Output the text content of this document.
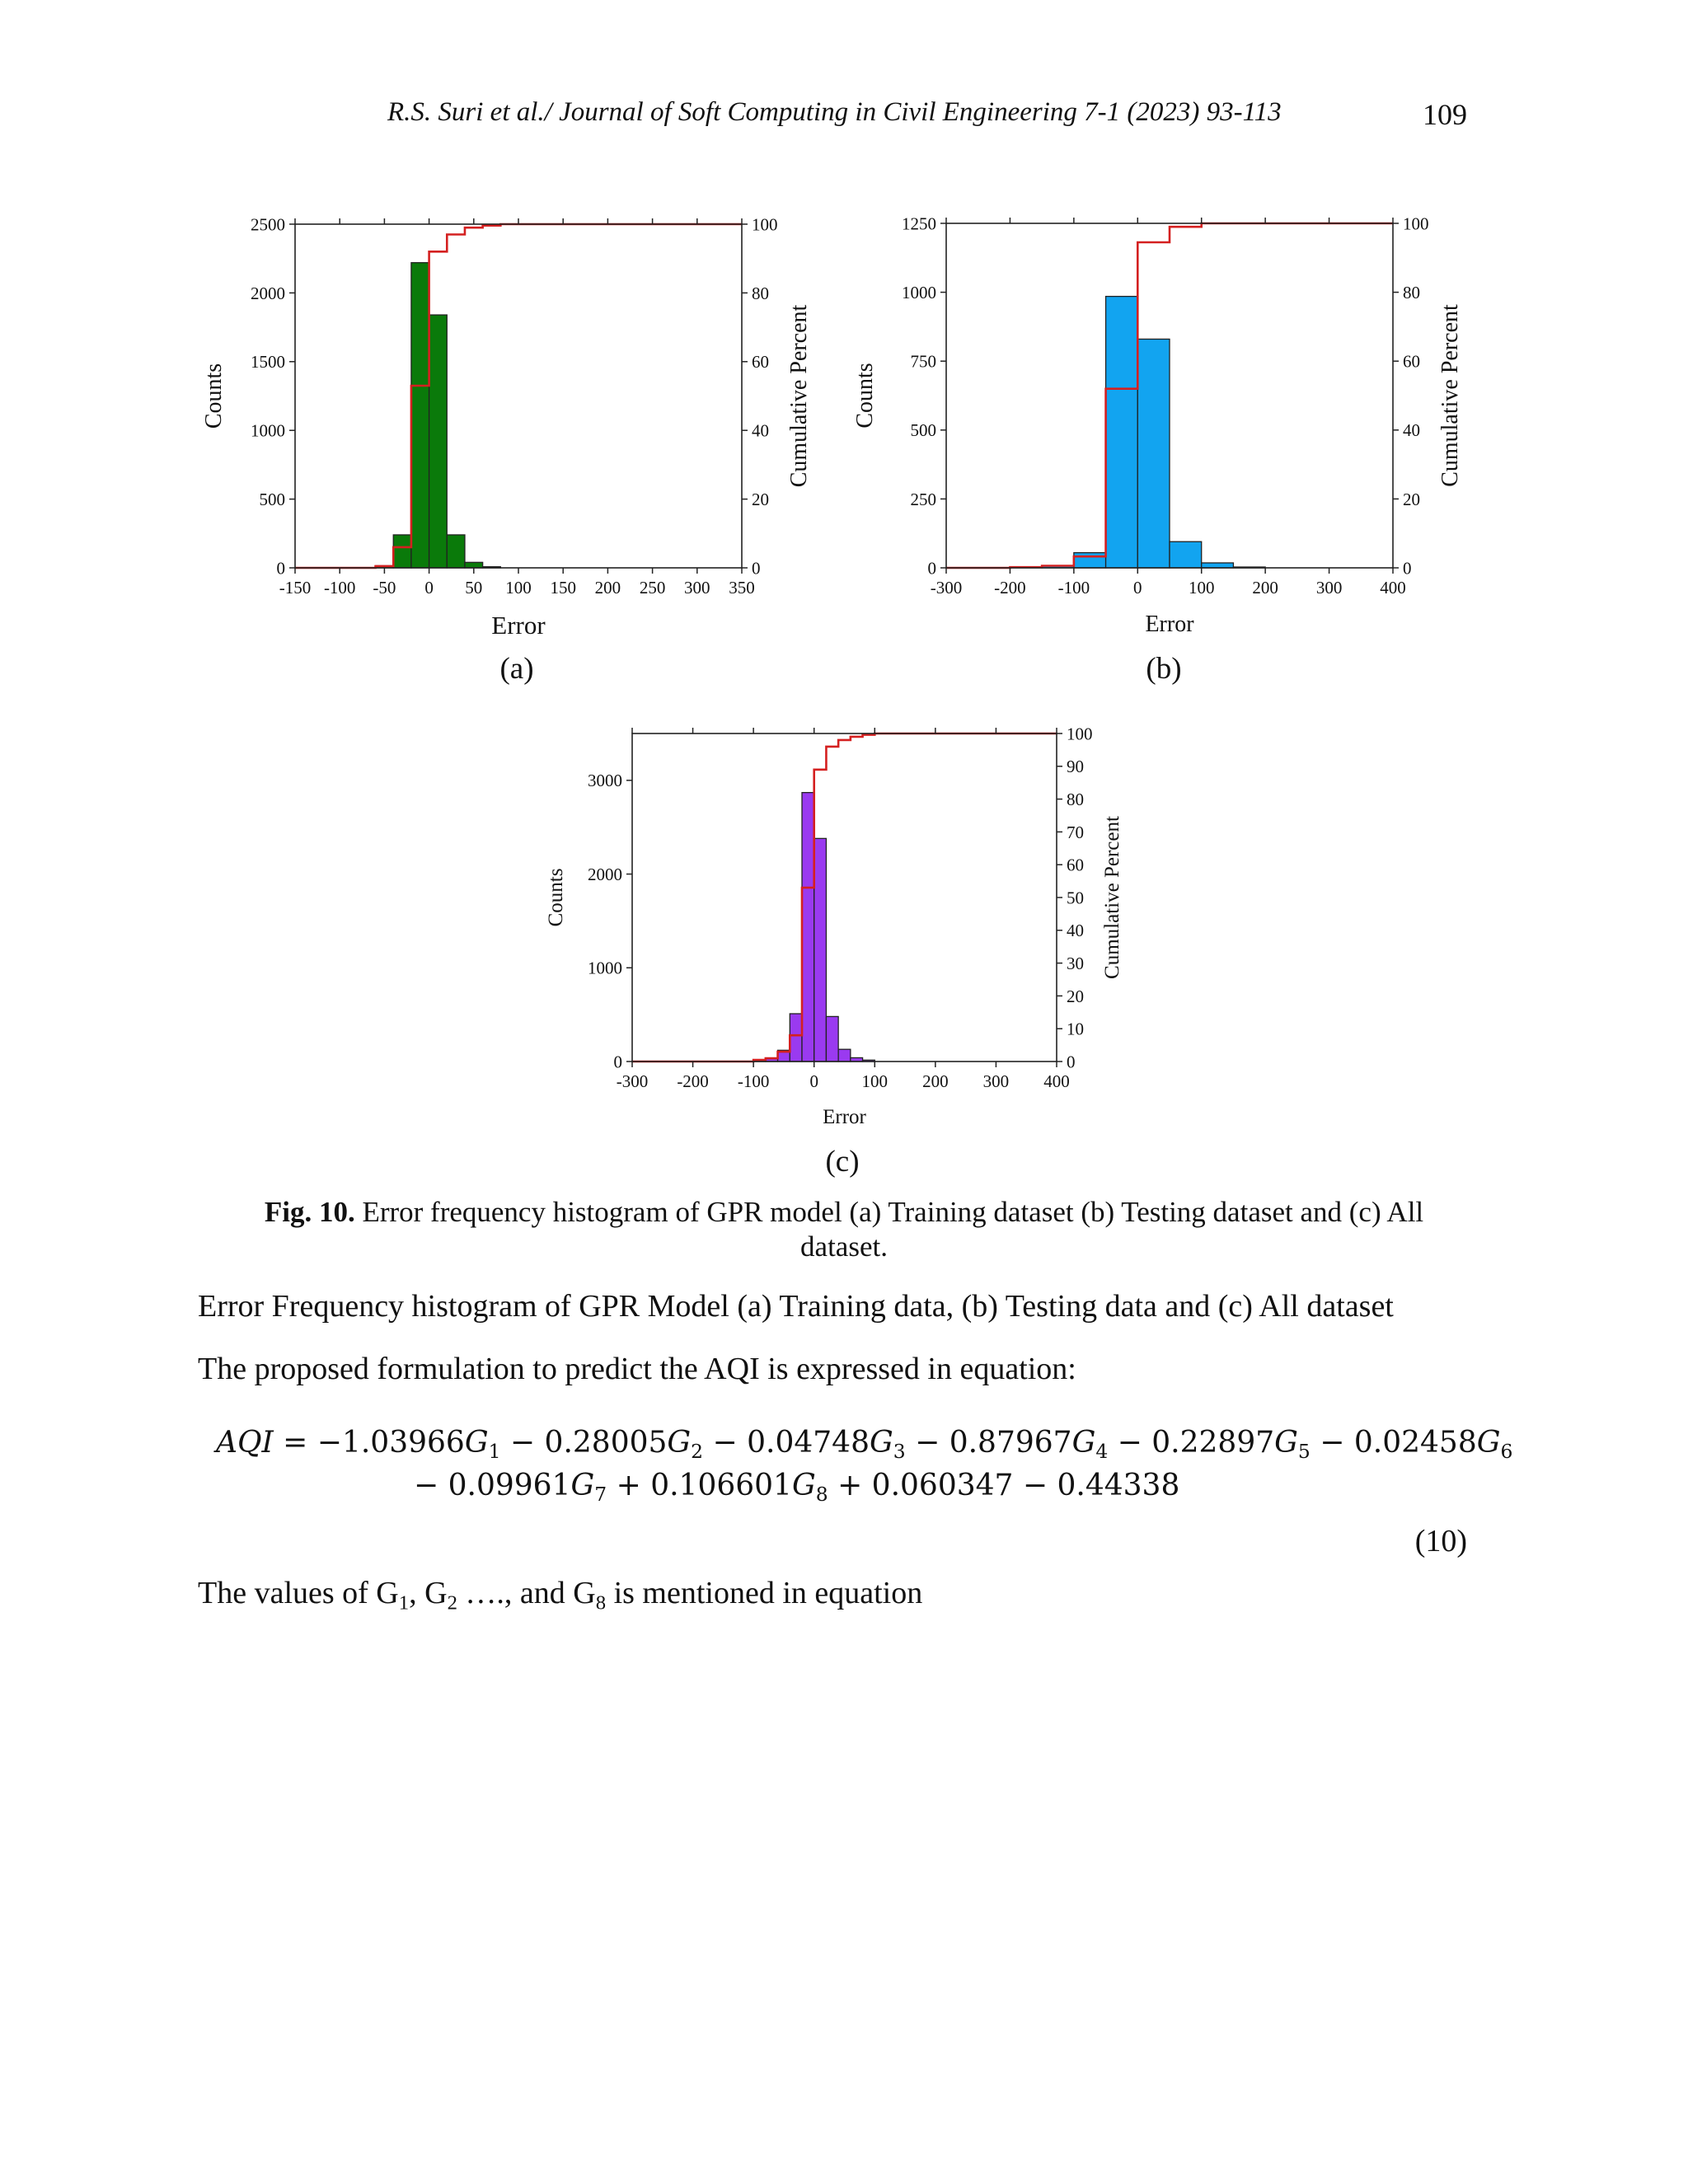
R.S. Suri et al./ Journal of Soft Computing in Civil Engineering 7-1 (2023) 93-113	109
-150 -100 -50 0 50 100 150 200 250 300 350
0
500
1000
1500
2000
2500
0
20
40
60
80
100
Error
Counts	Cumulative Percent
(a)
-300 -200 -100	0	100 200 300 400
0
250
500
750
1000
1250
0
20
40
60
80
100
Error
Counts	Cumulative Percent
(b)
-300 -200 -100 0	100 200 300 400
0
1000
2000
3000
0
10
20
30
40
50
60
70
80
90
100
Error
Counts	Cumulative Percent
(c)
Fig. 10. Error frequency histogram of GPR model (a) Training dataset (b) Testing dataset and (c) All dataset.
Error Frequency histogram of GPR Model (a) Training data, (b) Testing data and (c) All dataset
The proposed formulation to predict the AQI is expressed in equation:
AQI = $-1.03966G_1 - 0.28005G_2 - 0.04748G_3 - 0.87967G_4 - 0.22897G_5 - 0.02458G_6$
− $0.09961G_7 + 0.106601G_8 + 0.060347 - 0.44338$
(10)
The values of $G_1$, $G_2$ …., and $G_8$ is mentioned in equation
